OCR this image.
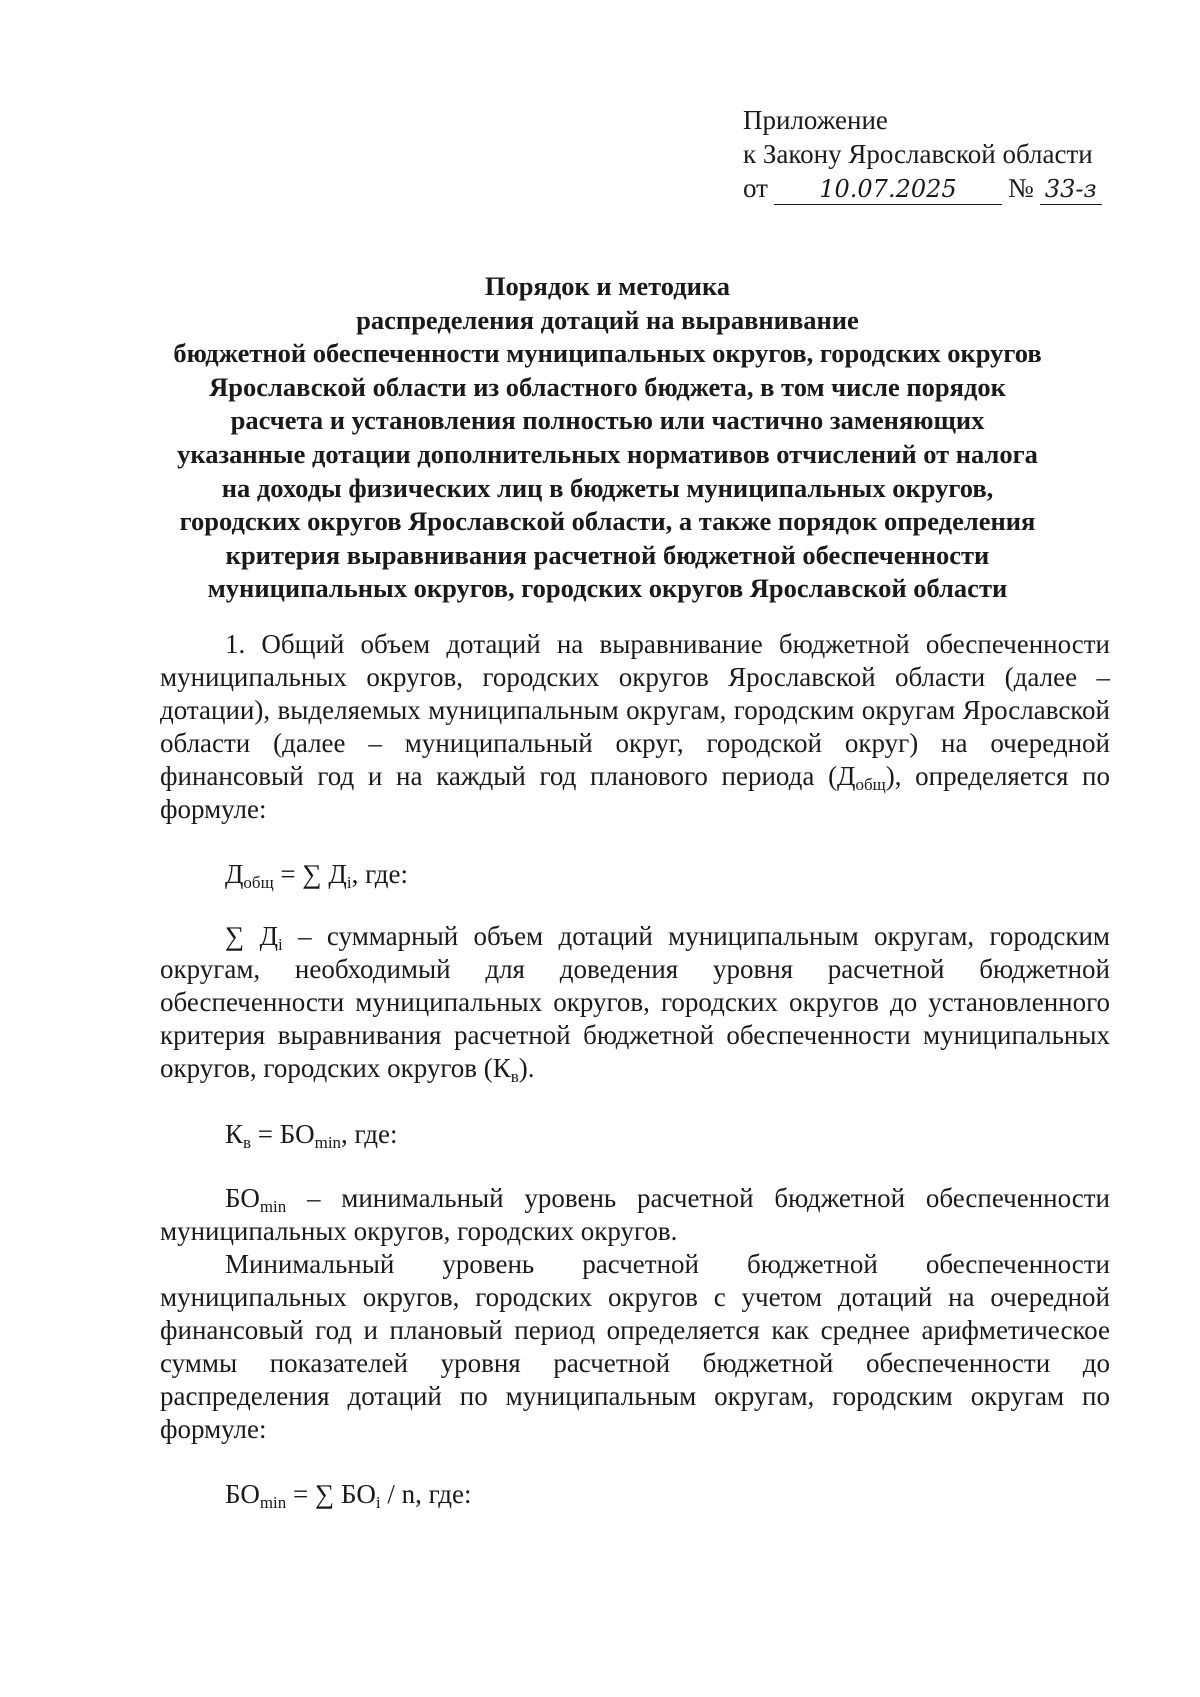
Приложение
к Закону Ярославской области
от 10.07.2025 № 33-з
Порядок и методика
распределения дотаций на выравнивание
бюджетной обеспеченности муниципальных округов, городских округов
Ярославской области из областного бюджета, в том числе порядок
расчета и установления полностью или частично заменяющих
указанные дотации дополнительных нормативов отчислений от налога
на доходы физических лиц в бюджеты муниципальных округов,
городских округов Ярославской области, а также порядок определения
критерия выравнивания расчетной бюджетной обеспеченности
муниципальных округов, городских округов Ярославской области
1. Общий объем дотаций на выравнивание бюджетной обеспеченности муниципальных округов, городских округов Ярославской области (далее – дотации), выделяемых муниципальным округам, городским округам Ярославской области (далее – муниципальный округ, городской округ) на очередной финансовый год и на каждый год планового периода $(Д_{общ})$, определяется по формуле:
$Д_{общ}$ = ∑ $Д_i$, где:
∑ $Д_i$ – суммарный объем дотаций муниципальным округам, городским округам, необходимый для доведения уровня расчетной бюджетной обеспеченности муниципальных округов, городских округов до установленного критерия выравнивания расчетной бюджетной обеспеченности муниципальных округов, городских округов $(К_в)$.
$К_в = БО_{min}$, где:
$БО_{min}$ – минимальный уровень расчетной бюджетной обеспеченности муниципальных округов, городских округов.
Минимальный уровень расчетной бюджетной обеспеченности муниципальных округов, городских округов с учетом дотаций на очередной финансовый год и плановый период определяется как среднее арифметическое суммы показателей уровня расчетной бюджетной обеспеченности до распределения дотаций по муниципальным округам, городским округам по формуле:
$БО_{min}$ = ∑ $БО_i$ / n, где:
